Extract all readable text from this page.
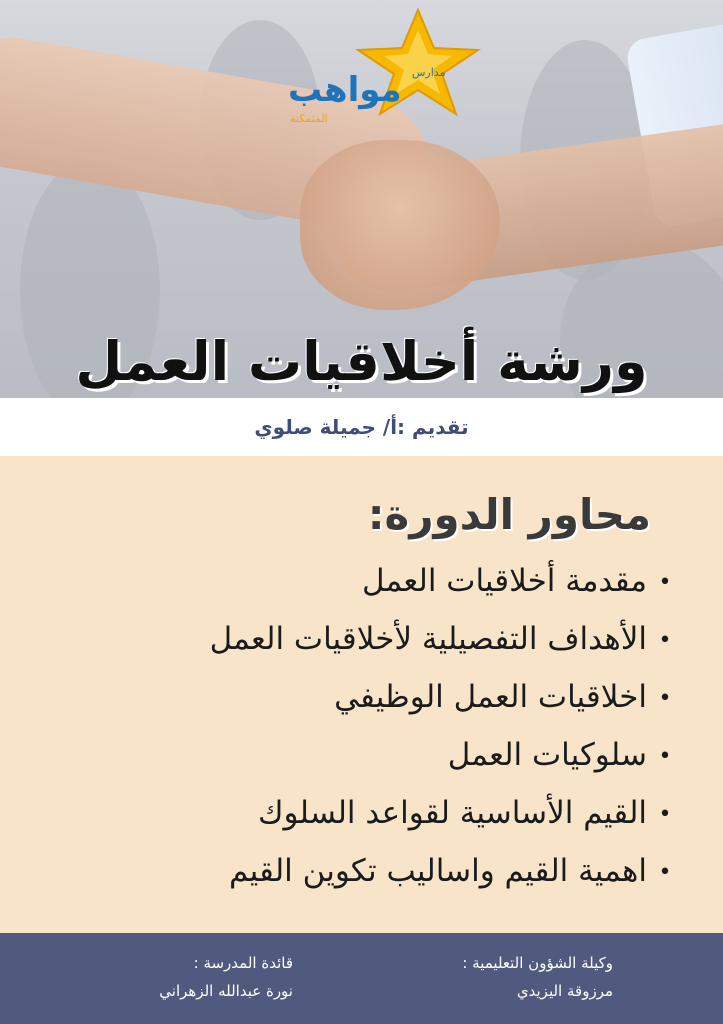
مدارس
مواهب
المتمكنة
ورشة أخلاقيات العمل
تقديم :أ/ جميلة صلوي
محاور الدورة:
•مقدمة أخلاقيات العمل
•الأهداف التفصيلية لأخلاقيات العمل
•اخلاقيات العمل الوظيفي
•سلوكيات العمل
•القيم الأساسية لقواعد السلوك
•اهمية القيم واساليب تكوين القيم
وكيلة الشؤون التعليمية :
مرزوقة اليزيدي
قائدة المدرسة :
نورة عبدالله الزهراني
